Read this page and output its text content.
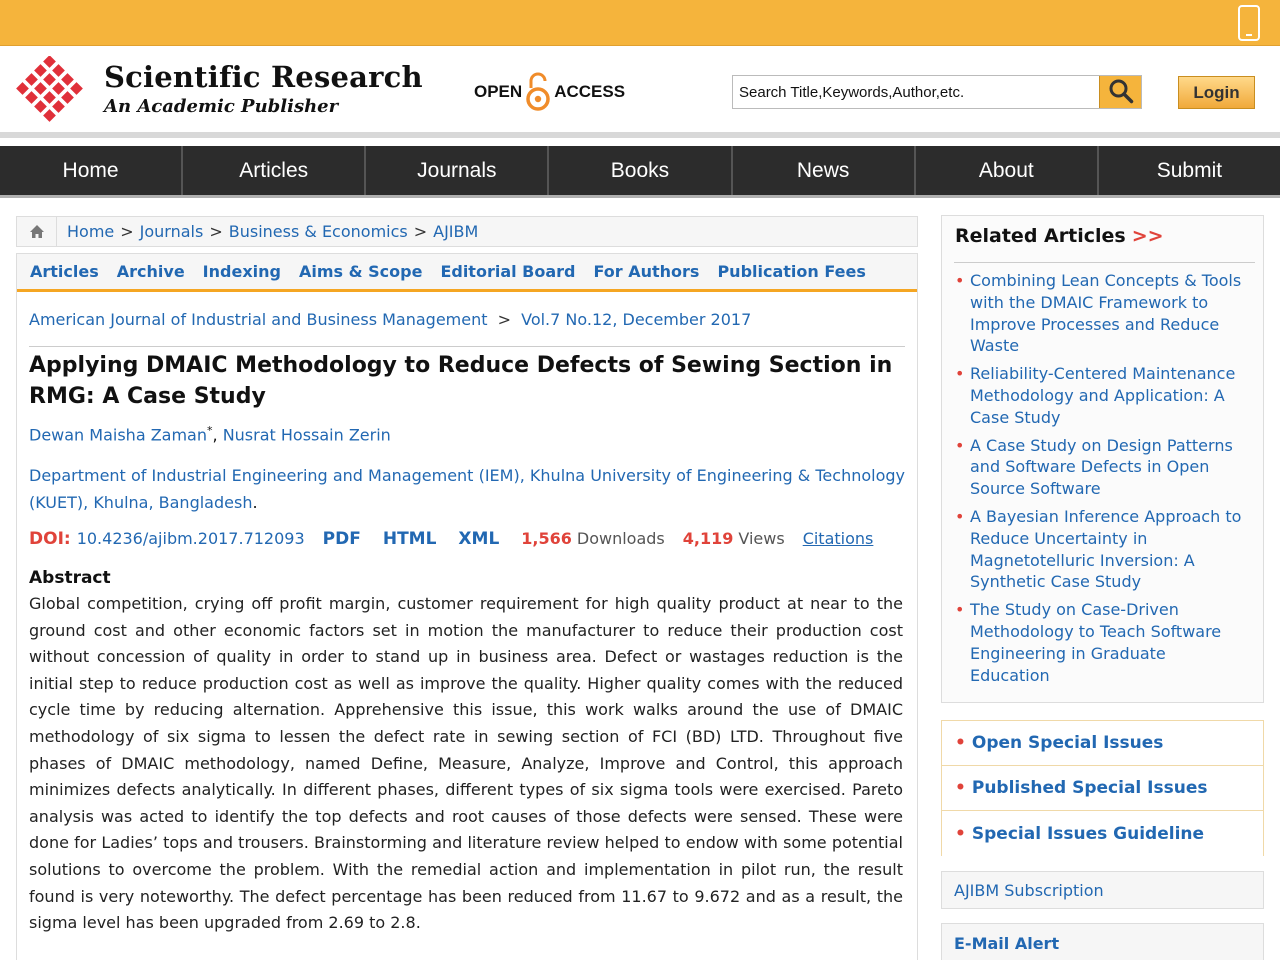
Scientific Research
An Academic Publisher
OPEN ACCESS
Search Title,Keywords,Author,etc.	Login
Home	Articles	Journals	Books	News	About	Submit
Home > Journals > Business & Economics > AJIBM
Articles Archive Indexing Aims & Scope Editorial Board For Authors Publication Fees
American Journal of Industrial and Business Management > Vol.7 No.12, December 2017
Applying DMAIC Methodology to Reduce Defects of Sewing Section in RMG: A Case Study
Dewan Maisha Zaman*, Nusrat Hossain Zerin
Department of Industrial Engineering and Management (IEM), Khulna University of Engineering & Technology (KUET), Khulna, Bangladesh.
DOI: 10.4236/ajibm.2017.712093 PDF HTML XML 1,566 Downloads 4,119 Views Citations
Abstract

Global competition, crying off profit margin, customer requirement for high quality product at near to the ground cost and other economic factors set in motion the manufacturer to reduce their production cost without concession of quality in order to stand up in business area. Defect or wastages reduction is the initial step to reduce production cost as well as improve the quality. Higher quality comes with the reduced cycle time by reducing alternation. Apprehensive this issue, this work walks around the use of DMAIC methodology of six sigma to lessen the defect rate in sewing section of FCI (BD) LTD. Throughout five phases of DMAIC methodology, named Define, Measure, Analyze, Improve and Control, this approach minimizes defects analytically. In different phases, different types of six sigma tools were exercised. Pareto analysis was acted to identify the top defects and root causes of those defects were sensed. These were done for Ladies’ tops and trousers. Brainstorming and literature review helped to endow with some potential solutions to overcome the problem. With the remedial action and implementation in pilot run, the result found is very noteworthy. The defect percentage has been reduced from 11.67 to 9.672 and as a result, the sigma level has been upgraded from 2.69 to 2.8.

Related Articles >>
• Combining Lean Concepts & Tools with the DMAIC Framework to Improve Processes and Reduce Waste
• Reliability-Centered Maintenance Methodology and Application: A Case Study
• A Case Study on Design Patterns and Software Defects in Open Source Software
• A Bayesian Inference Approach to Reduce Uncertainty in Magnetotelluric Inversion: A Synthetic Case Study
• The Study on Case-Driven Methodology to Teach Software Engineering in Graduate Education
• Open Special Issues
• Published Special Issues
• Special Issues Guideline
AJIBM Subscription
E-Mail Alert
